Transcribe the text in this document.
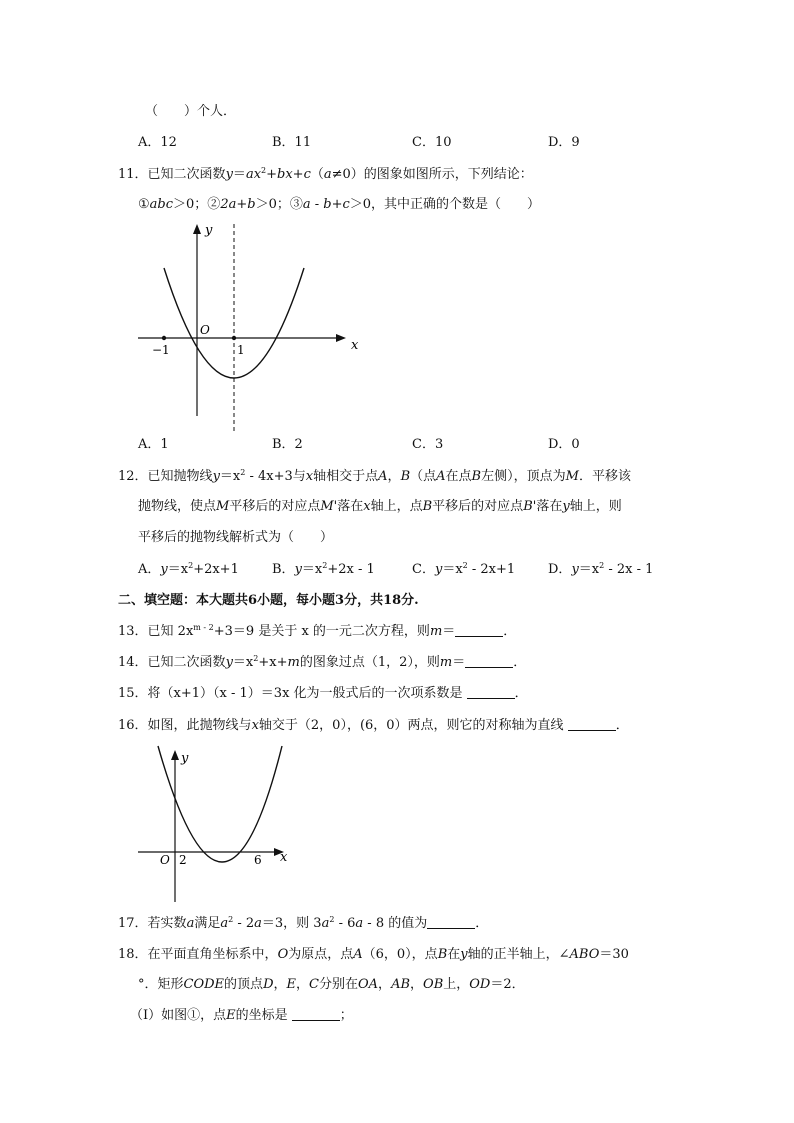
（　　）个人．
A．12	B．11	C．10	D．9
11．已知二次函数$y=ax^2+bx+c(a\ne 0)$的图象如图所示，下列结论：
①abc＞0；②2a+b＞0；③a - b+c＞0，其中正确的个数是（　　）
y
x
O
−1	1
A．1	B．2	C．3	D．0
12．已知抛物线$y=x^2 - 4x+3$与x轴相交于点A，B（点A在点B左侧），顶点为M．平移该
抛物线，使点M平移后的对应点M'落在x轴上，点B平移后的对应点B'落在y轴上，则
平移后的抛物线解析式为（　　）
A．$y=x^2+2x+1$	B．$y=x^2+2x - 1$	C．$y=x^2 - 2x+1$	D．$y=x^2 - 2x - 1$
二、填空题：本大题共6小题，每小题3分，共18分.
13．已知 $2x^{m - 2}+3=9$ 是关于 x 的一元二次方程，则m＝	．
14．已知二次函数$y=x^2+x+m$的图象过点（1，2），则m＝	．
15．将（x+1）（x - 1）＝3x 化为一般式后的一次项系数是	．
16．如图，此抛物线与x轴交于（2，0），(6，0）两点，则它的对称轴为直线	．
y
x
O 2	6
17．若实数a满足$a^2 - 2a=3$，则 $3a^2 - 6a - 8$ 的值为	．
18．在平面直角坐标系中，O为原点，点A（6，0），点B在y轴的正半轴上，∠ABO＝30
°．矩形CODE的顶点D，E，C分别在OA，AB，OB上，OD＝2．
（Ⅰ）如图①，点E的坐标是	；
